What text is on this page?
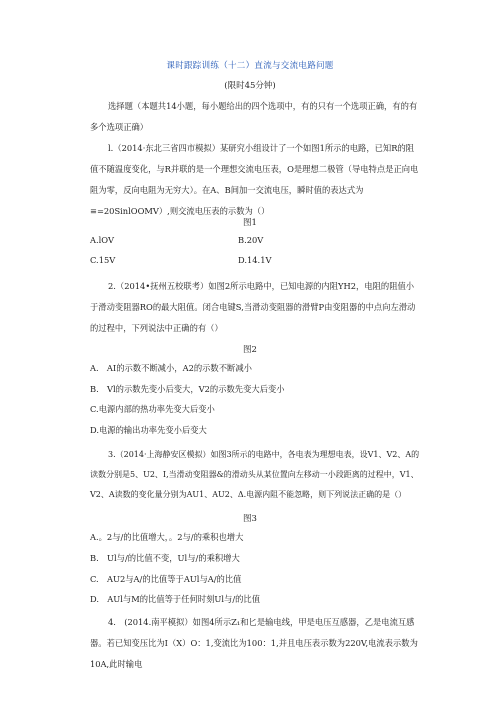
课时跟踪训练（十二）直流与交流电路问题
(限时45分钟)

选择题（本题共14小题，每小题给出的四个选项中，有的只有一个选项正确，有的有多个选项正确）

l.（2014·东北三省四市模拟）某研究小组设计了一个如图1所示的电路，已知R的阻值不随温度变化，与R并联的是一个理想交流电压表，O是理想二极管（导电特点是正向电阻为零，反向电阻为无穷大）。在A、B间加一交流电压，瞬时值的表达式为≡=20SinlOOMV）,则交流电压表的示数为（）

图1
A.lOV	B.20V
C.15V	D.14.1V

2.（2014•抚州五校联考）如图2所示电路中，已知电源的内阻YH2，电阻的阻值小于滑动变阻器RO的最大阻值。闭合电键S,当滑动变阻器的滑臂P由变阻器的中点向左滑动的过程中，下列说法中正确的有（）

图2
A.　AI的示数不断减小，A2的示数不断减小
B.　Vl的示数先变小后变大，V2的示数先变大后变小
C.电源内部的热功率先变大后变小
D.电源的输出功率先变小后变大

3.（2014·上海静安区模拟）如图3所示的电路中，各电表为理想电表，设V1、V2、A的读数分别是5、U2、I,当滑动变阻器&的滑动头从某位置向左移动一小段距离的过程中，V1、V2、A读数的变化量分别为AU1、AU2、Δ.电源内阻不能忽略，则下列说法正确的是（）

图3
A.。2与/的比值增大，。2与/的乘积也增大
B.　Ul与/的比值不变，Ul与/的乘积增大
C.　AU2与A/的比值等于AUl与A/的比值
D.　AUl与M的比值等于任何时刻Ul与/的比值

4.　(2014.南平模拟）如图4所示Z₁和匕是输电线，甲是电压互感器，乙是电流互感器。若已知变压比为I（X）O：1,变流比为100：1,并且电压表示数为220V,电流表示数为10A,此时输电
